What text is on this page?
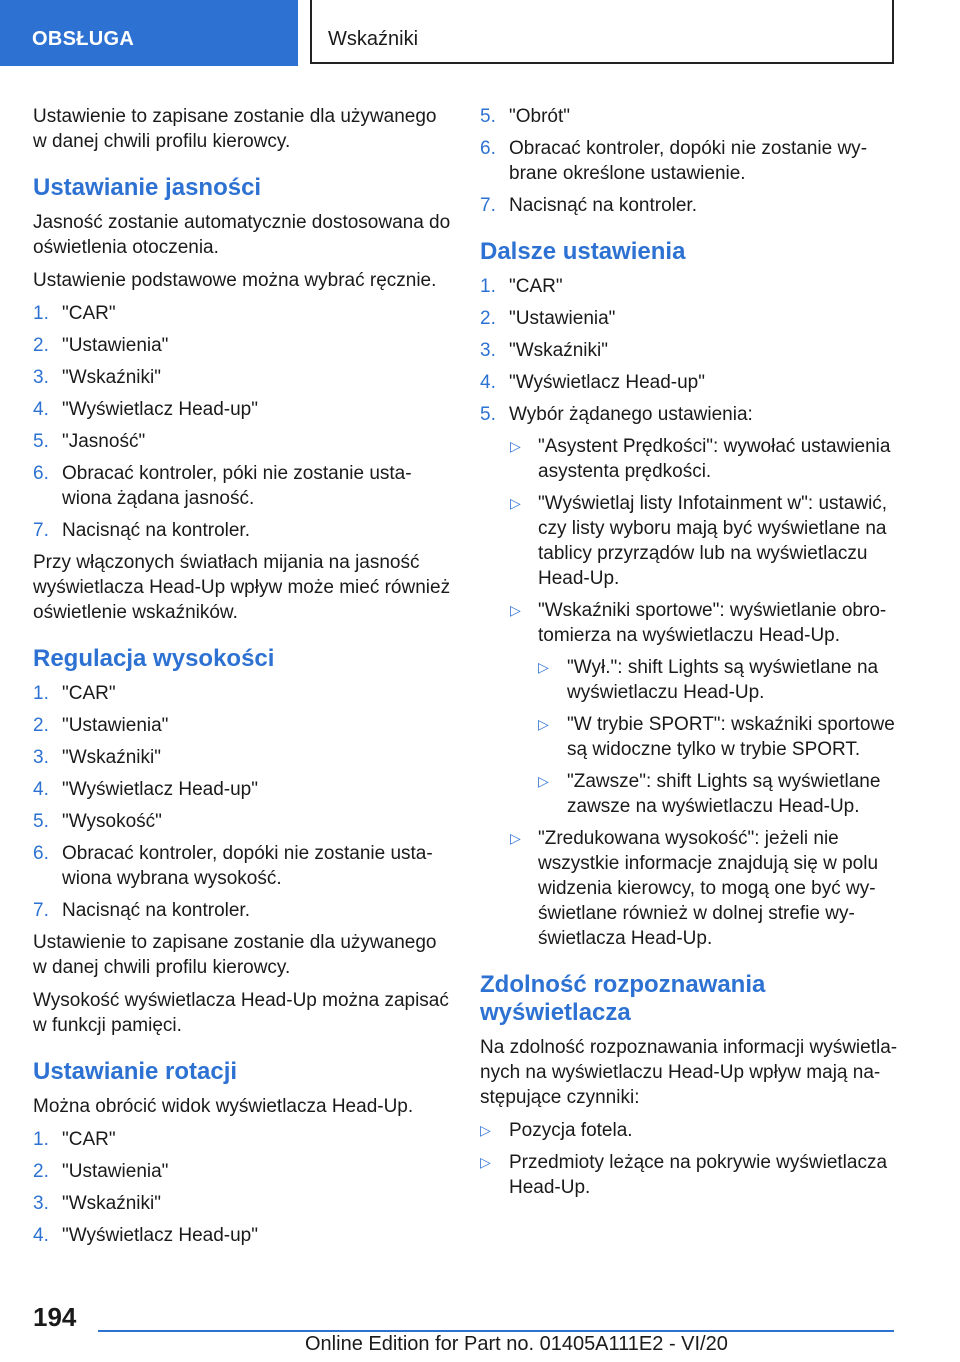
OBSŁUGA	Wskaźniki

Ustawienie to zapisane zostanie dla używanego w danej chwili profilu kierowcy.

Ustawianie jasności

Jasność zostanie automatycznie dostosowana do oświetlenia otoczenia.

Ustawienie podstawowe można wybrać ręcznie.

1. "CAR"
2. "Ustawienia"
3. "Wskaźniki"
4. "Wyświetlacz Head-up"
5. "Jasność"
6. Obracać kontroler, póki nie zostanie ustawiona żądana jasność.
7. Nacisnąć na kontroler.

Przy włączonych światłach mijania na jasność wyświetlacza Head-Up wpływ może mieć również oświetlenie wskaźników.

Regulacja wysokości
1. "CAR"
2. "Ustawienia"
3. "Wskaźniki"
4. "Wyświetlacz Head-up"
5. "Wysokość"
6. Obracać kontroler, dopóki nie zostanie ustawiona wybrana wysokość.
7. Nacisnąć na kontroler.

Ustawienie to zapisane zostanie dla używanego w danej chwili profilu kierowcy.

Wysokość wyświetlacza Head-Up można zapisać w funkcji pamięci.

Ustawianie rotacji

Można obrócić widok wyświetlacza Head-Up.

1. "CAR"
2. "Ustawienia"
3. "Wskaźniki"
4. "Wyświetlacz Head-up"
5. "Obrót"
6. Obracać kontroler, dopóki nie zostanie wybrane określone ustawienie.
7. Nacisnąć na kontroler.
Dalsze ustawienia
1. "CAR"
2. "Ustawienia"
3. "Wskaźniki"
4. "Wyświetlacz Head-up"
5. Wybór żądanego ustawienia:
▷ "Asystent Prędkości": wywołać ustawienia asystenta prędkości.
▷ "Wyświetlaj listy Infotainment w": ustawić, czy listy wyboru mają być wyświetlane na tablicy przyrządów lub na wyświetlaczu Head-Up.
▷ "Wskaźniki sportowe": wyświetlanie obrotomierza na wyświetlaczu Head-Up.
▷ "Wył.": shift Lights są wyświetlane na wyświetlaczu Head-Up.
▷ "W trybie SPORT": wskaźniki sportowe są widoczne tylko w trybie SPORT.
▷ "Zawsze": shift Lights są wyświetlane zawsze na wyświetlaczu Head-Up.
▷ "Zredukowana wysokość": jeżeli nie wszystkie informacje znajdują się w polu widzenia kierowcy, to mogą one być wyświetlane również w dolnej strefie wyświetlacza Head-Up.
Zdolność rozpoznawania wyświetlacza

Na zdolność rozpoznawania informacji wyświetlanych na wyświetlaczu Head-Up wpływ mają następujące czynniki:

▷ Pozycja fotela.
▷ Przedmioty leżące na pokrywie wyświetlacza Head-Up.
194
Online Edition for Part no. 01405A111E2 - VI/20
